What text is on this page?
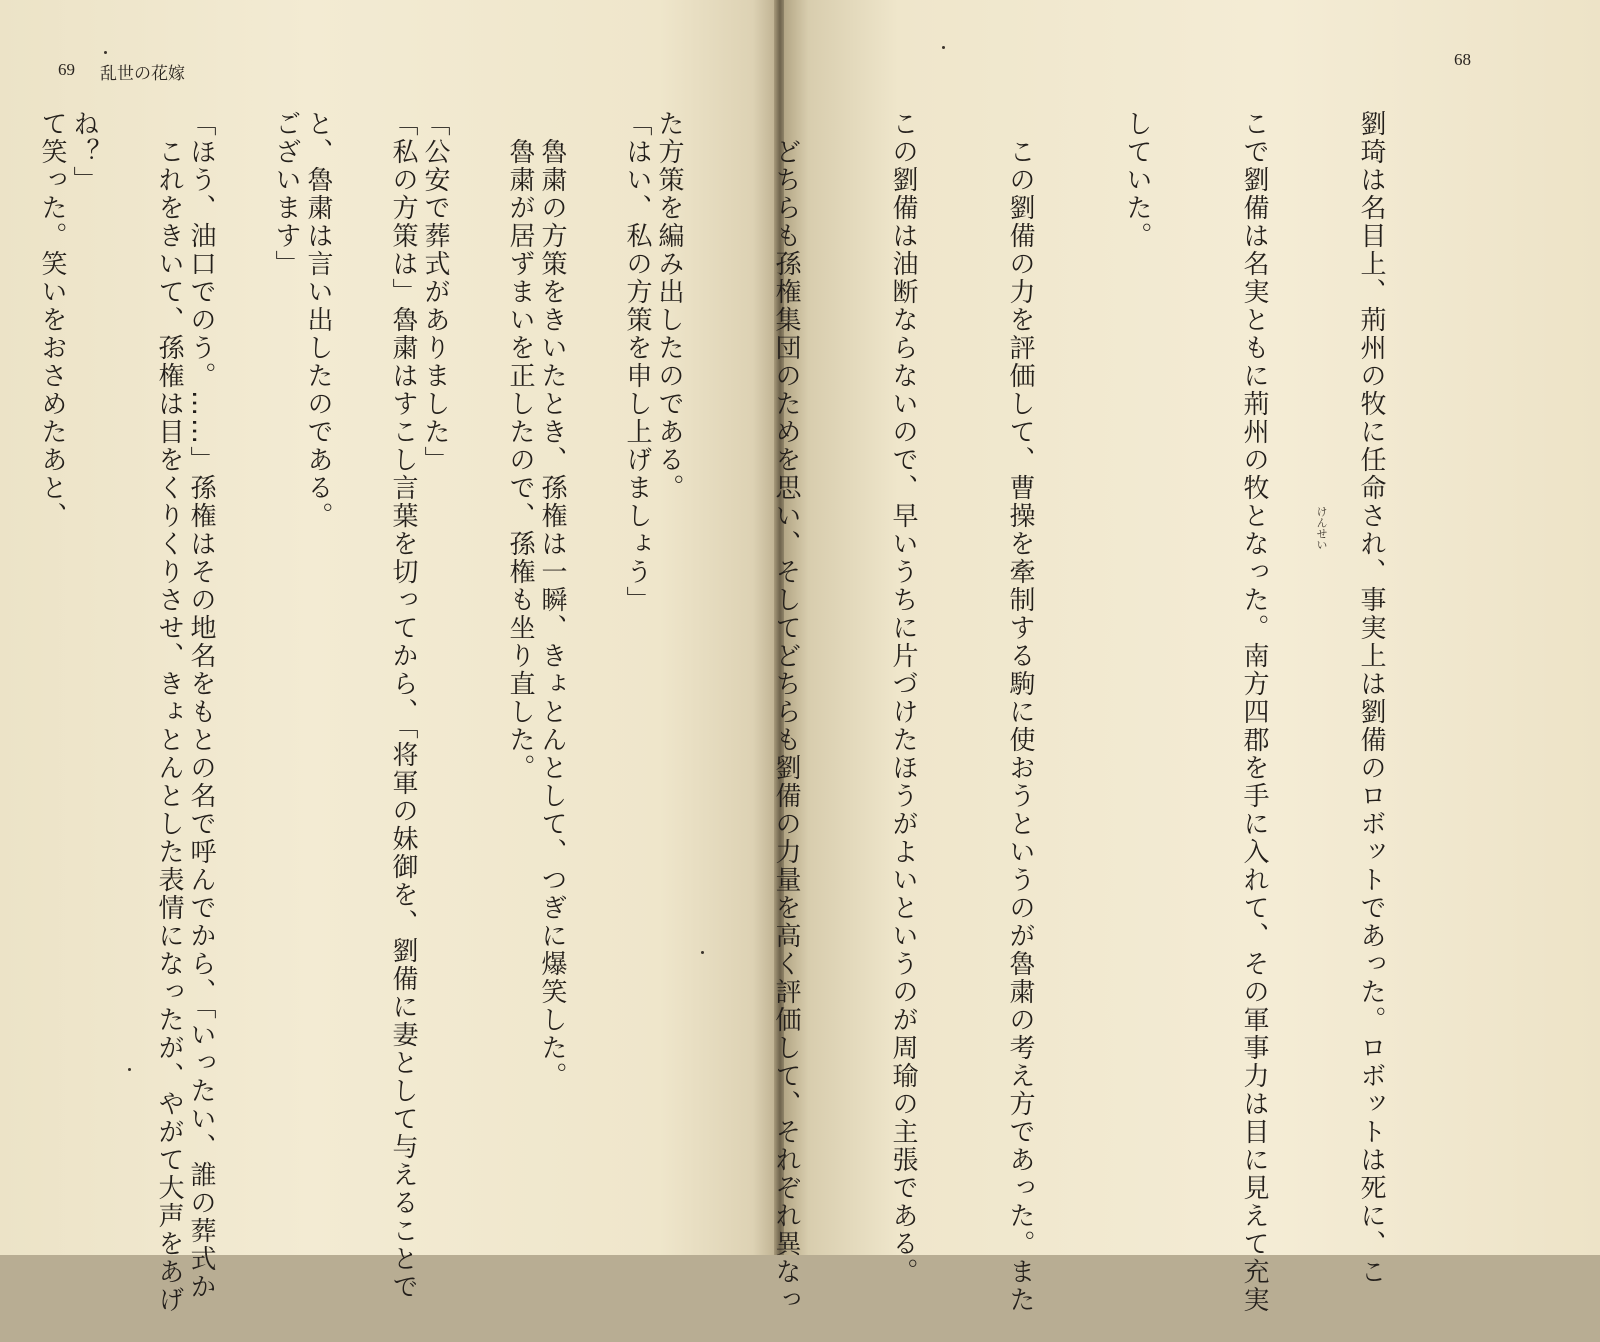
69 乱世の花嫁

「はい、私の方策を申し上げましょう」

　魯粛が居ずまいを正したので、孫権も坐り直した。

「私の方策は」魯粛はすこし言葉を切ってから、「将軍の妹御を、劉備に妻として与えることで

ございます」

　これをきいて、孫権は目をくりくりさせ、きょとんとした表情になったが、やがて大声をあげ

て笑った。笑いをおさめたあと、

68

劉琦は名目上、荊州の牧に任命され、事実上は劉備のロボットであった。ロボットは死に、こ

こで劉備は名実ともに荊州の牧となった。南方四郡を手に入れて、その軍事力は目に見えて充実

していた。

　この劉備の力を評価して、曹操を牽制する駒に使おうというのが魯粛の考え方であった。また

この劉備は油断ならないので、早いうちに片づけたほうがよいというのが周瑜の主張である。

　どちらも孫権集団のためを思い、そしてどちらも劉備の力量を高く評価して、それぞれ異なっ

た方策を編み出したのである。

　魯粛の方策をきいたとき、孫権は一瞬、きょとんとして、つぎに爆笑した。

「公安で葬式がありました」

と、魯粛は言い出したのである。

「ほう、油口でのう。……」孫権はその地名をもとの名で呼んでから、「いったい、誰の葬式か

ね？」

けんせい
